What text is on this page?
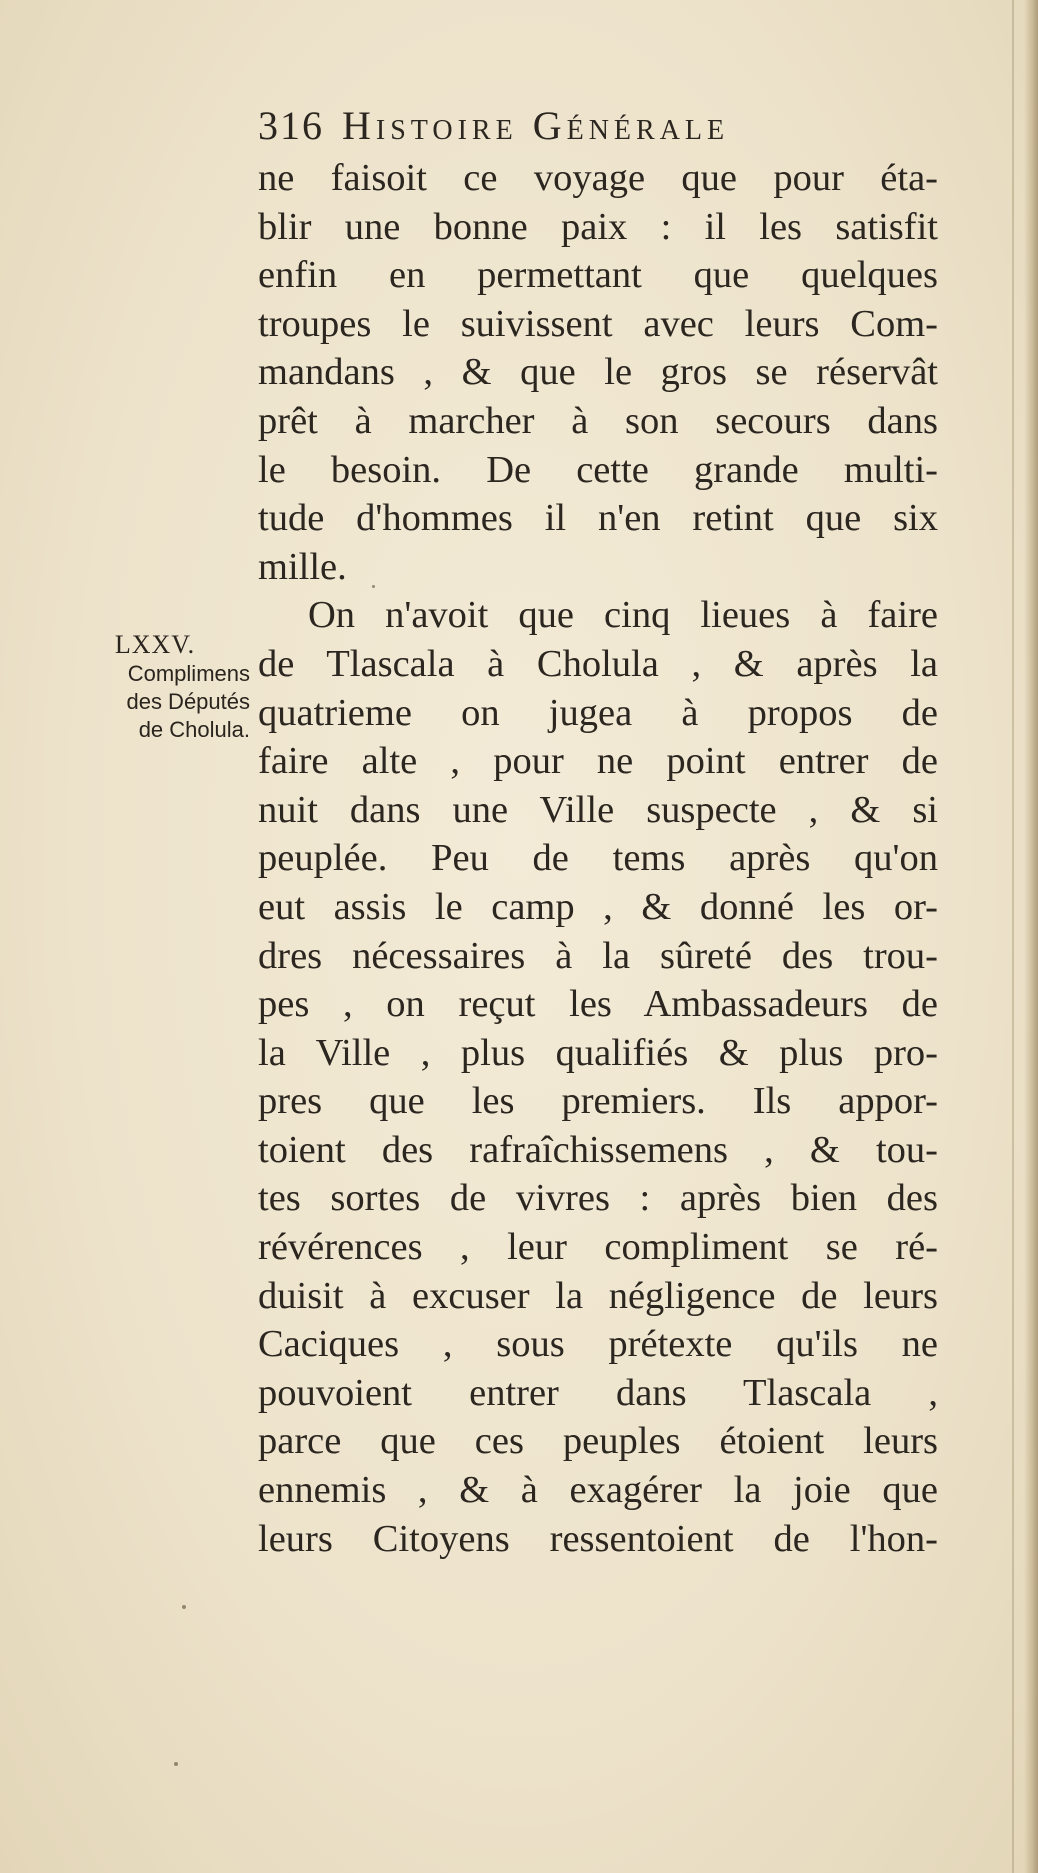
316 Histoire Générale
LXXV.
Complimens
des Députés
de Cholula.
ne faisoit ce voyage que pour éta-
blir une bonne paix : il les satisfit
enfin en permettant que quelques
troupes le suivissent avec leurs Com-
mandans , & que le gros se réservât
prêt à marcher à son secours dans
le besoin. De cette grande multi-
tude d'hommes il n'en retint que six
mille.
On n'avoit que cinq lieues à faire
de Tlascala à Cholula , & après la
quatrieme on jugea à propos de
faire alte , pour ne point entrer de
nuit dans une Ville suspecte , & si
peuplée. Peu de tems après qu'on
eut assis le camp , & donné les or-
dres nécessaires à la sûreté des trou-
pes , on reçut les Ambassadeurs de
la Ville , plus qualifiés & plus pro-
pres que les premiers. Ils appor-
toient des rafraîchissemens , & tou-
tes sortes de vivres : après bien des
révérences , leur compliment se ré-
duisit à excuser la négligence de leurs
Caciques , sous prétexte qu'ils ne
pouvoient entrer dans Tlascala ,
parce que ces peuples étoient leurs
ennemis , & à exagérer la joie que
leurs Citoyens ressentoient de l'hon-
